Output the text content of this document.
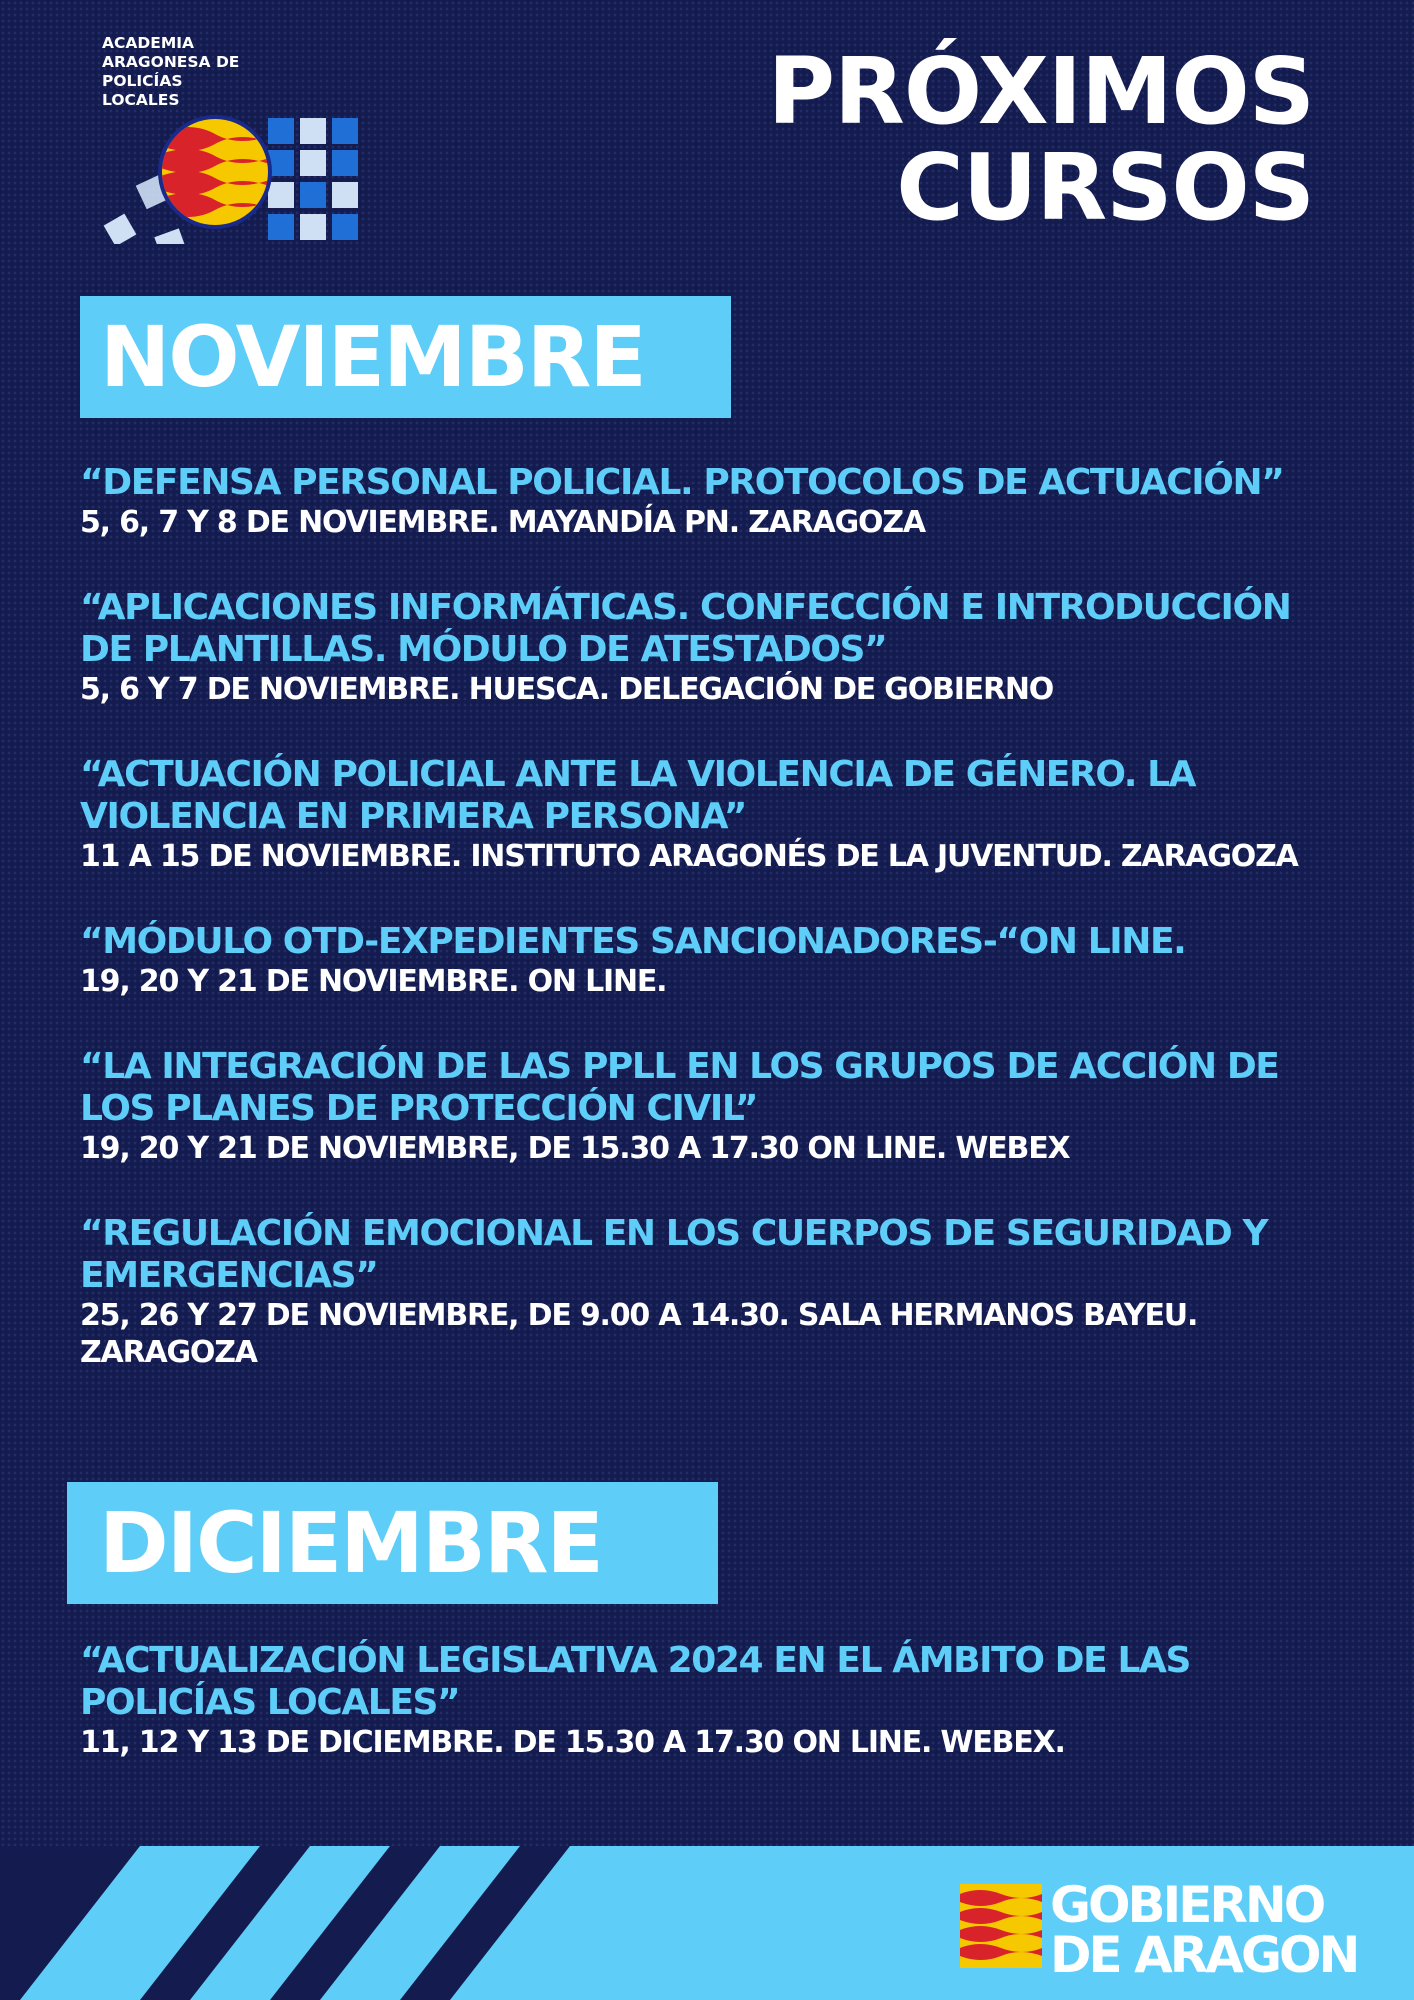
ACADEMIA
ARAGONESA DE
POLICÍAS
LOCALES	PRÓXIMOS
CURSOS
NOVIEMBRE
“DEFENSA PERSONAL POLICIAL. PROTOCOLOS DE ACTUACIÓN”
5, 6, 7 Y 8 DE NOVIEMBRE. MAYANDÍA PN. ZARAGOZA
“APLICACIONES INFORMÁTICAS. CONFECCIÓN E INTRODUCCIÓN DE PLANTILLAS. MÓDULO DE ATESTADOS”
5, 6 Y 7 DE NOVIEMBRE. HUESCA. DELEGACIÓN DE GOBIERNO
“ACTUACIÓN POLICIAL ANTE LA VIOLENCIA DE GÉNERO. LA VIOLENCIA EN PRIMERA PERSONA”
11 A 15 DE NOVIEMBRE. INSTITUTO ARAGONÉS DE LA JUVENTUD. ZARAGOZA
“MÓDULO OTD-EXPEDIENTES SANCIONADORES-“ON LINE.
19, 20 Y 21 DE NOVIEMBRE. ON LINE.
“LA INTEGRACIÓN DE LAS PPLL EN LOS GRUPOS DE ACCIÓN DE LOS PLANES DE PROTECCIÓN CIVIL”
19, 20 Y 21 DE NOVIEMBRE, DE 15.30 A 17.30 ON LINE. WEBEX
“REGULACIÓN EMOCIONAL EN LOS CUERPOS DE SEGURIDAD Y EMERGENCIAS”
25, 26 Y 27 DE NOVIEMBRE, DE 9.00 A 14.30. SALA HERMANOS BAYEU. ZARAGOZA
DICIEMBRE
“ACTUALIZACIÓN LEGISLATIVA 2024 EN EL ÁMBITO DE LAS POLICÍAS LOCALES”
11, 12 Y 13 DE DICIEMBRE. DE 15.30 A 17.30 ON LINE. WEBEX.
GOBIERNO
DE ARAGON
